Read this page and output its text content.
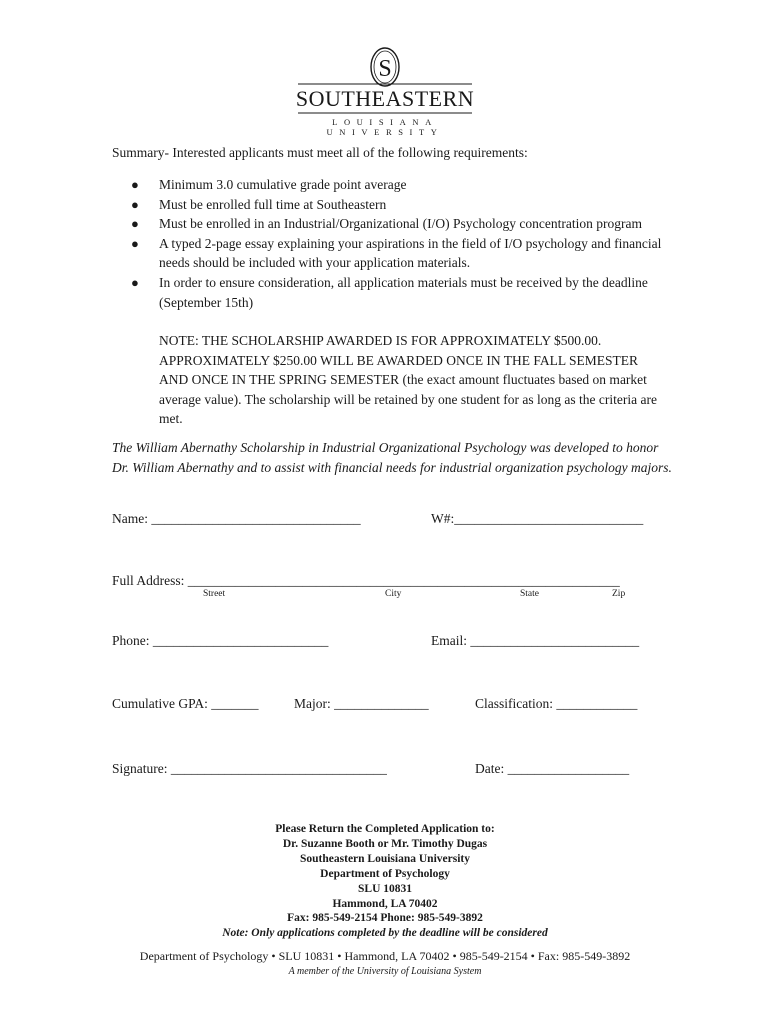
S
SOUTHEASTERN
LOUISIANA UNIVERSITY
Summary- Interested applicants must meet all of the following requirements:
● Minimum 3.0 cumulative grade point average
● Must be enrolled full time at Southeastern
● Must be enrolled in an Industrial/Organizational (I/O) Psychology concentration program
● A typed 2-page essay explaining your aspirations in the field of I/O psychology and financial needs should be included with your application materials.
● In order to ensure consideration, all application materials must be received by the deadline (September 15th)
NOTE: THE SCHOLARSHIP AWARDED IS FOR APPROXIMATELY $500.00. APPROXIMATELY $250.00 WILL BE AWARDED ONCE IN THE FALL SEMESTER AND ONCE IN THE SPRING SEMESTER (the exact amount fluctuates based on market average value). The scholarship will be retained by one student for as long as the criteria are met.
The William Abernathy Scholarship in Industrial Organizational Psychology was developed to honor Dr. William Abernathy and to assist with financial needs for industrial organization psychology majors.
Name: _______________________________	W#:____________________________
Full Address: ________________________________________________________________
Street	City	State	Zip
Phone: __________________________	Email: _________________________
Cumulative GPA: _______	Major: ______________	Classification: ____________
Signature: ________________________________	Date: __________________
Please Return the Completed Application to:
Dr. Suzanne Booth or Mr. Timothy Dugas
Southeastern Louisiana University
Department of Psychology
SLU 10831
Hammond, LA 70402
Fax: 985-549-2154 Phone: 985-549-3892
Note: Only applications completed by the deadline will be considered
Department of Psychology • SLU 10831 • Hammond, LA 70402 • 985-549-2154 • Fax: 985-549-3892
A member of the University of Louisiana System
